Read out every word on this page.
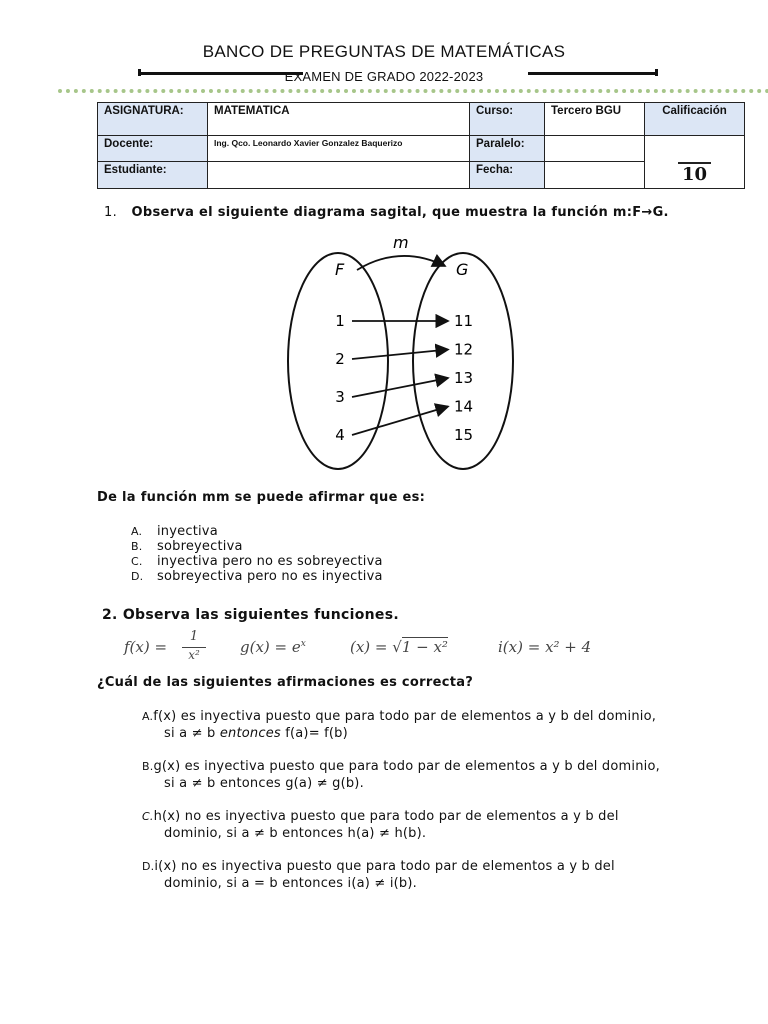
BANCO DE PREGUNTAS DE MATEMÁTICAS
EXAMEN DE GRADO 2022-2023
ASIGNATURA:	MATEMATICA	Curso:	Tercero BGU	Calificación
Docente:	Ing. Qco. Leonardo Xavier Gonzalez Baquerizo	Paralelo:		10
Estudiante:		Fecha:		
1. Observa el siguiente diagrama sagital, que muestra la función m:F→G.
m
F	G
1
2
3
4
11
12
13
14
15
De la función mm se puede afirmar que es:
A. inyectiva
B. sobreyectiva
C. inyectiva pero no es sobreyectiva
D. sobreyectiva pero no es inyectiva
2. Observa las siguientes funciones.
f(x) =
1
x²	$g(x) = e^x$	(x) = √1 − x²	i(x) = x² + 4
¿Cuál de las siguientes afirmaciones es correcta?
A.f(x) es inyectiva puesto que para todo par de elementos a y b del dominio,
si a ≠ b entonces f(a)= f(b)
B.g(x) es inyectiva puesto que para todo par de elementos a y b del dominio,
si a ≠ b entonces g(a) ≠ g(b).
C.h(x) no es inyectiva puesto que para todo par de elementos a y b del
dominio, si a ≠ b entonces h(a) ≠ h(b).
D.i(x) no es inyectiva puesto que para todo par de elementos a y b del
dominio, si a = b entonces i(a) ≠ i(b).
